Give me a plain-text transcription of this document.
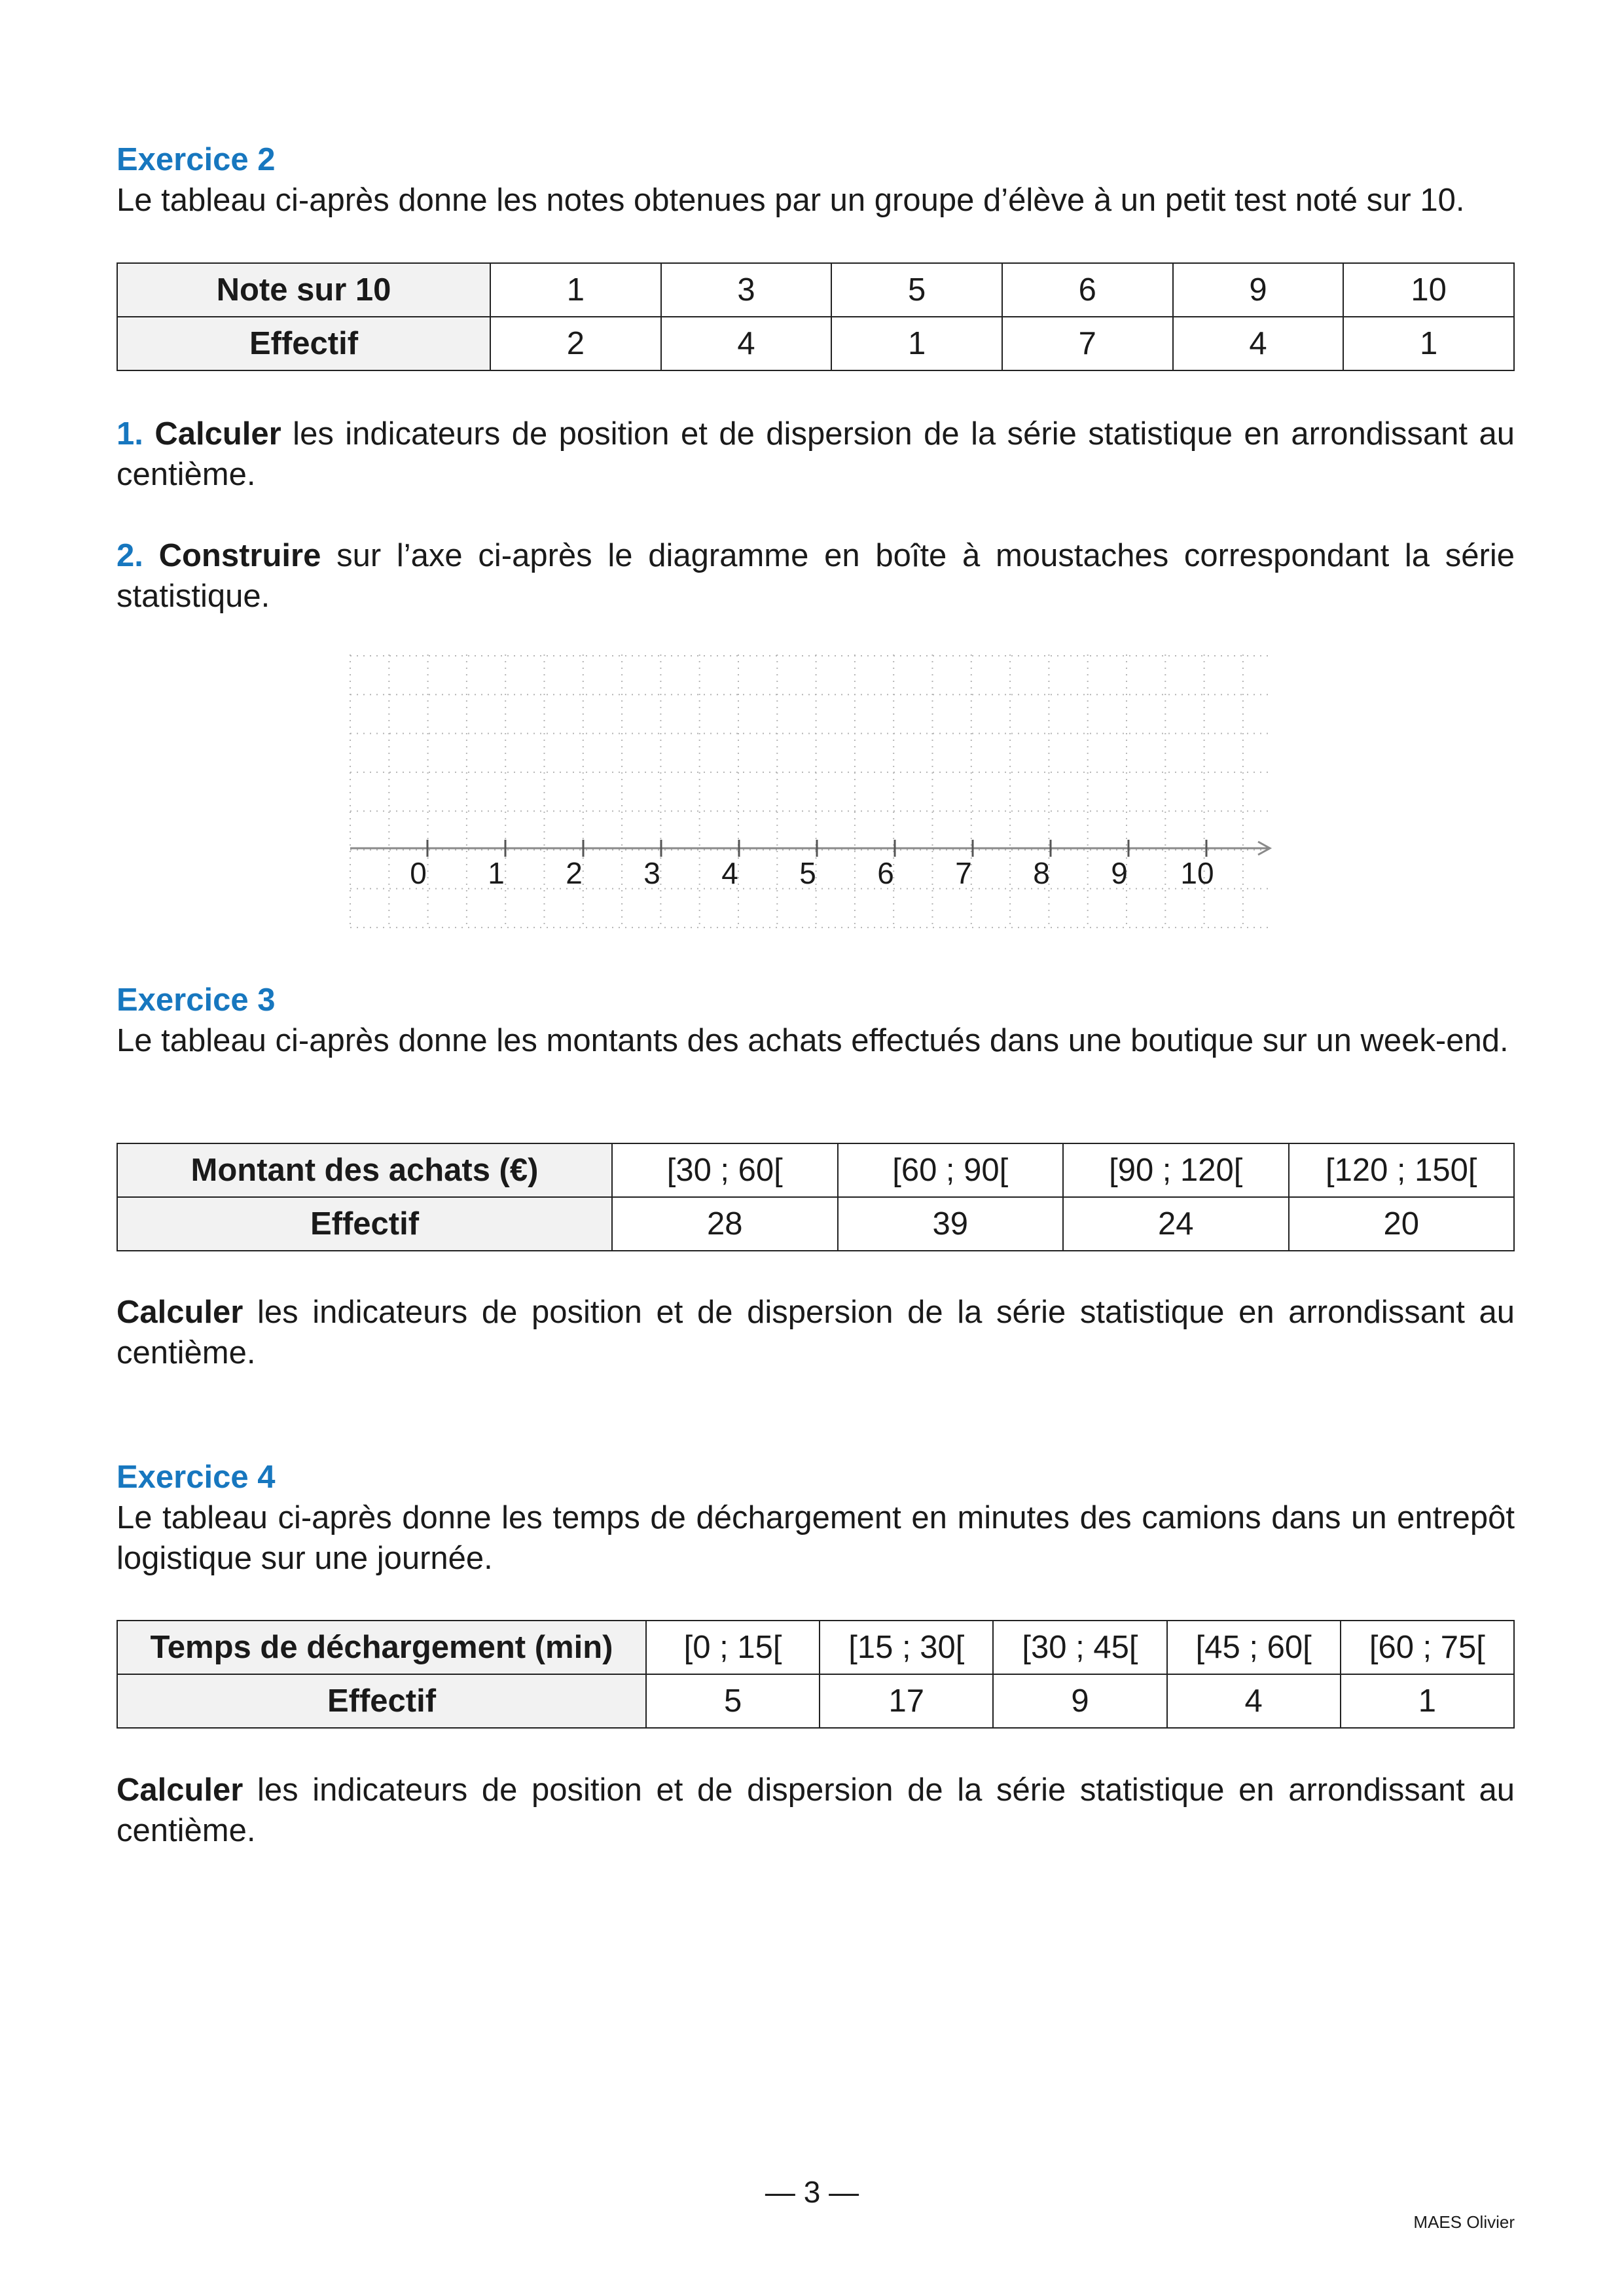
Exercice 2

Le tableau ci-après donne les notes obtenues par un groupe d’élève à un petit test noté sur 10.

Note sur 10	1	3	5	6	9	10
Effectif	2	4	1	7	4	1

1. Calculer les indicateurs de position et de dispersion de la série statistique en arrondissant au centième.

2. Construire sur l’axe ci-après le diagramme en boîte à moustaches correspondant la série statistique.

0 1 2 3 4 5 6 7 8 9 10
Exercice 3

Le tableau ci-après donne les montants des achats effectués dans une boutique sur un week-end.

Montant des achats (€)	[30 ; 60[	[60 ; 90[	[90 ; 120[	[120 ; 150[
Effectif	28	39	24	20

Calculer les indicateurs de position et de dispersion de la série statistique en arrondissant au centième.

Exercice 4

Le tableau ci-après donne les temps de déchargement en minutes des camions dans un entrepôt logistique sur une journée.

Temps de déchargement (min)	[0 ; 15[	[15 ; 30[	[30 ; 45[	[45 ; 60[	[60 ; 75[
Effectif	5	17	9	4	1

Calculer les indicateurs de position et de dispersion de la série statistique en arrondissant au centième.

— 3 —
MAES Olivier
